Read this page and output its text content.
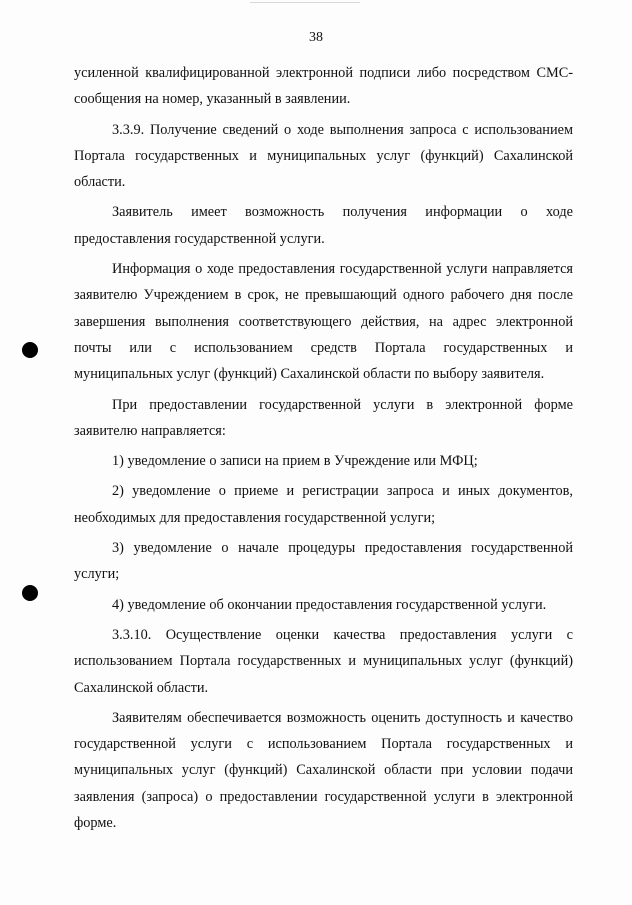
38

усиленной квалифицированной электронной подписи либо посредством СМС-сообщения на номер, указанный в заявлении.

3.3.9. Получение сведений о ходе выполнения запроса с использованием Портала государственных и муниципальных услуг (функций) Сахалинской области.

Заявитель имеет возможность получения информации о ходе предоставления государственной услуги.

Информация о ходе предоставления государственной услуги направляется заявителю Учреждением в срок, не превышающий одного рабочего дня после завершения выполнения соответствующего действия, на адрес электронной почты или с использованием средств Портала государственных и муниципальных услуг (функций) Сахалинской области по выбору заявителя.

При предоставлении государственной услуги в электронной форме заявителю направляется:

1) уведомление о записи на прием в Учреждение или МФЦ;

2) уведомление о приеме и регистрации запроса и иных документов, необходимых для предоставления государственной услуги;

3) уведомление о начале процедуры предоставления государственной услуги;

4) уведомление об окончании предоставления государственной услуги.

3.3.10. Осуществление оценки качества предоставления услуги с использованием Портала государственных и муниципальных услуг (функций) Сахалинской области.

Заявителям обеспечивается возможность оценить доступность и качество государственной услуги с использованием Портала государственных и муниципальных услуг (функций) Сахалинской области при условии подачи заявления (запроса) о предоставлении государственной услуги в электронной форме.
